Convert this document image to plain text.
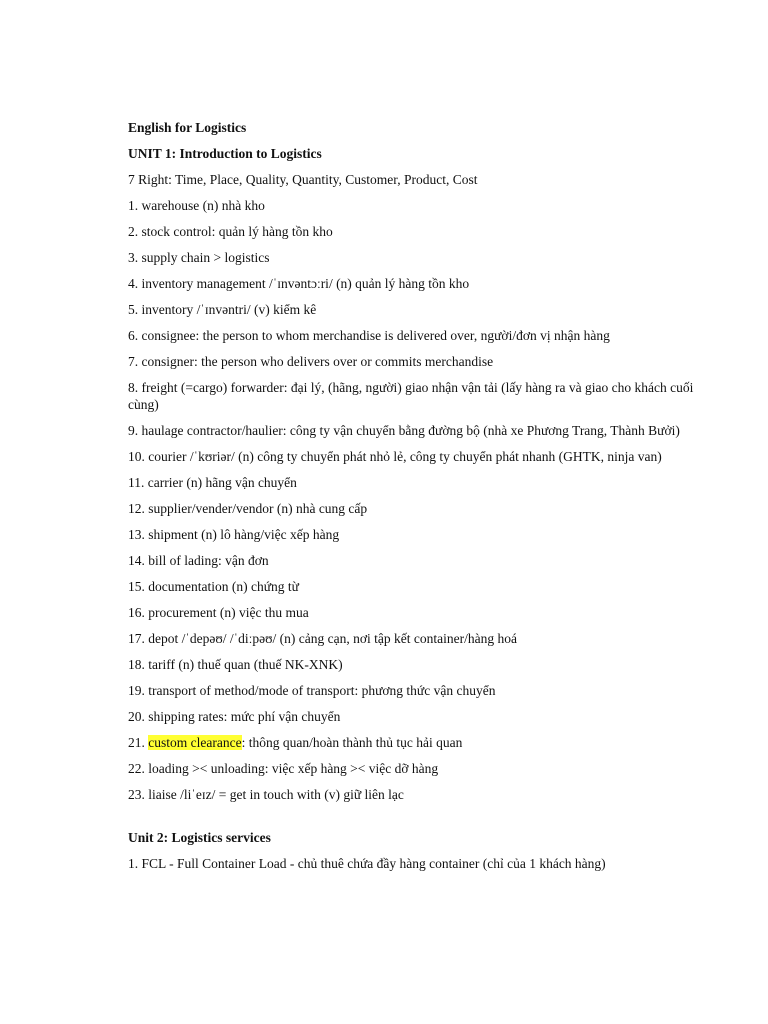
English for Logistics
UNIT 1: Introduction to Logistics
7 Right: Time, Place, Quality, Quantity, Customer, Product, Cost
1. warehouse (n) nhà kho
2. stock control: quản lý hàng tồn kho
3. supply chain > logistics
4. inventory management /ˈɪnvəntɔːri/ (n) quản lý hàng tồn kho
5. inventory /ˈɪnvəntri/ (v) kiểm kê
6. consignee: the person to whom merchandise is delivered over, người/đơn vị nhận hàng
7. consigner: the person who delivers over or commits merchandise
8. freight (=cargo) forwarder: đại lý, (hãng, người) giao nhận vận tải (lấy hàng ra và giao cho khách cuối cùng)
9. haulage contractor/haulier: công ty vận chuyển bằng đường bộ (nhà xe Phương Trang, Thành Bưởi)
10. courier /ˈkʊriər/ (n) công ty chuyển phát nhỏ lẻ, công ty chuyển phát nhanh (GHTK, ninja van)
11. carrier (n) hãng vận chuyển
12. supplier/vender/vendor (n) nhà cung cấp
13. shipment (n) lô hàng/việc xếp hàng
14. bill of lading: vận đơn
15. documentation (n) chứng từ
16. procurement (n) việc thu mua
17. depot /ˈdepəʊ/ /ˈdiːpəʊ/ (n) cảng cạn, nơi tập kết container/hàng hoá
18. tariff (n) thuế quan (thuế NK-XNK)
19. transport of method/mode of transport: phương thức vận chuyển
20. shipping rates: mức phí vận chuyển
21. custom clearance: thông quan/hoàn thành thủ tục hải quan
22. loading >< unloading: việc xếp hàng >< việc dỡ hàng
23. liaise /liˈeɪz/ = get in touch with (v) giữ liên lạc
Unit 2: Logistics services
1. FCL - Full Container Load - chủ thuê chứa đầy hàng container (chỉ của 1 khách hàng)
